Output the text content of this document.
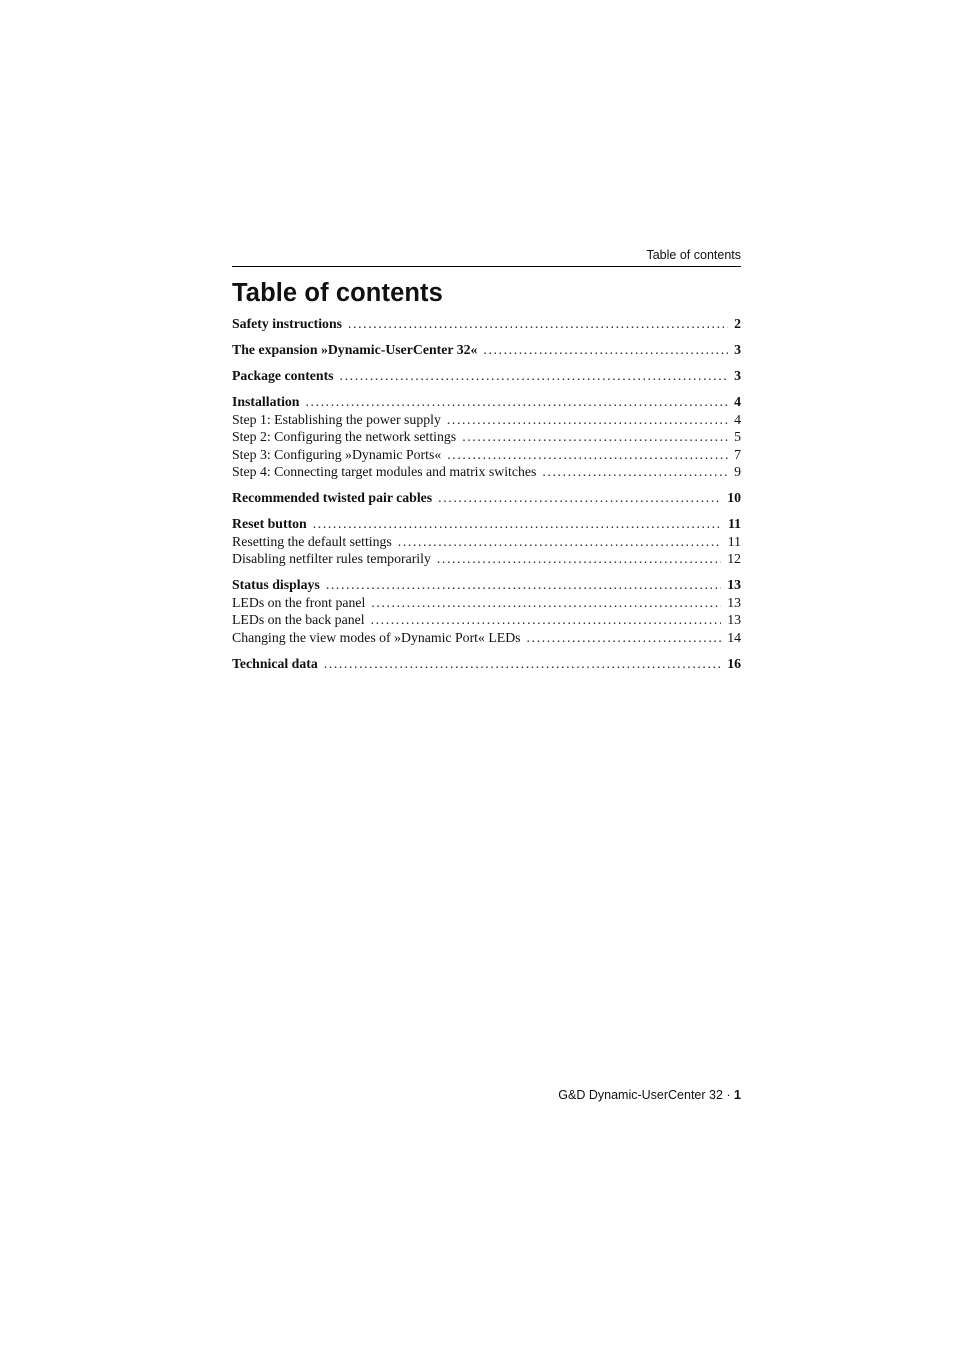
Table of contents
Table of contents
Safety instructions .....	2
The expansion »Dynamic-UserCenter 32« .....	3
Package contents .....	3
Installation .....	4
Step 1: Establishing the power supply .....	4
Step 2: Configuring the network settings .....	5
Step 3: Configuring »Dynamic Ports« .....	7
Step 4: Connecting target modules and matrix switches .....	9
Recommended twisted pair cables .....	10
Reset button .....	11
Resetting the default settings .....	11
Disabling netfilter rules temporarily .....	12
Status displays .....	13
LEDs on the front panel .....	13
LEDs on the back panel .....	13
Changing the view modes of »Dynamic Port« LEDs .....	14
Technical data .....	16
G&D Dynamic-UserCenter 32 · 1
